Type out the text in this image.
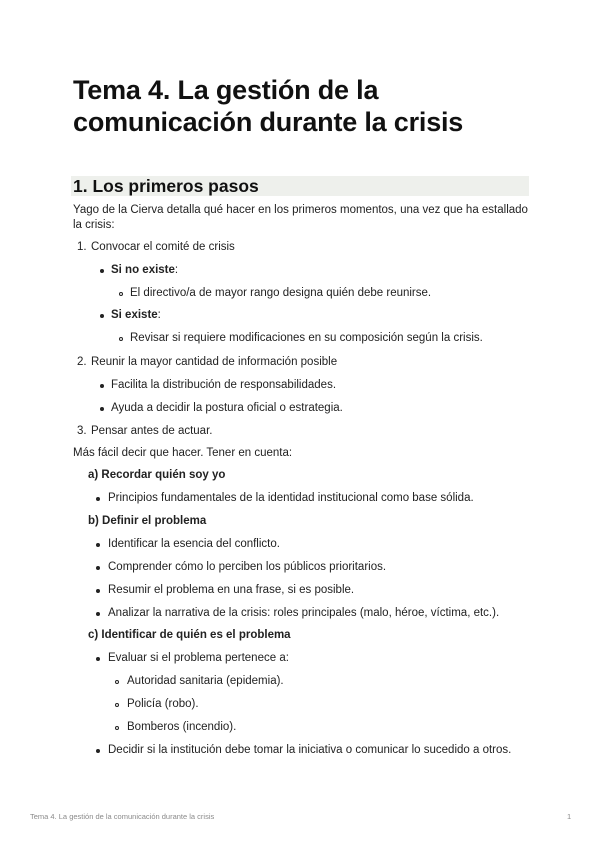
Tema 4. La gestión de la
comunicación durante la crisis
1. Los primeros pasos
Yago de la Cierva detalla qué hacer en los primeros momentos, una vez que ha estallado
la crisis:
1. Convocar el comité de crisis
Si no existe:
El directivo/a de mayor rango designa quién debe reunirse.
Si existe:
Revisar si requiere modificaciones en su composición según la crisis.
2. Reunir la mayor cantidad de información posible
Facilita la distribución de responsabilidades.
Ayuda a decidir la postura oficial o estrategia.
3. Pensar antes de actuar.
Más fácil decir que hacer. Tener en cuenta:
a) Recordar quién soy yo
Principios fundamentales de la identidad institucional como base sólida.
b) Definir el problema
Identificar la esencia del conflicto.
Comprender cómo lo perciben los públicos prioritarios.
Resumir el problema en una frase, si es posible.
Analizar la narrativa de la crisis: roles principales (malo, héroe, víctima, etc.).
c) Identificar de quién es el problema
Evaluar si el problema pertenece a:
Autoridad sanitaria (epidemia).
Policía (robo).
Bomberos (incendio).
Decidir si la institución debe tomar la iniciativa o comunicar lo sucedido a otros.
Tema 4. La gestión de la comunicación durante la crisis	1
